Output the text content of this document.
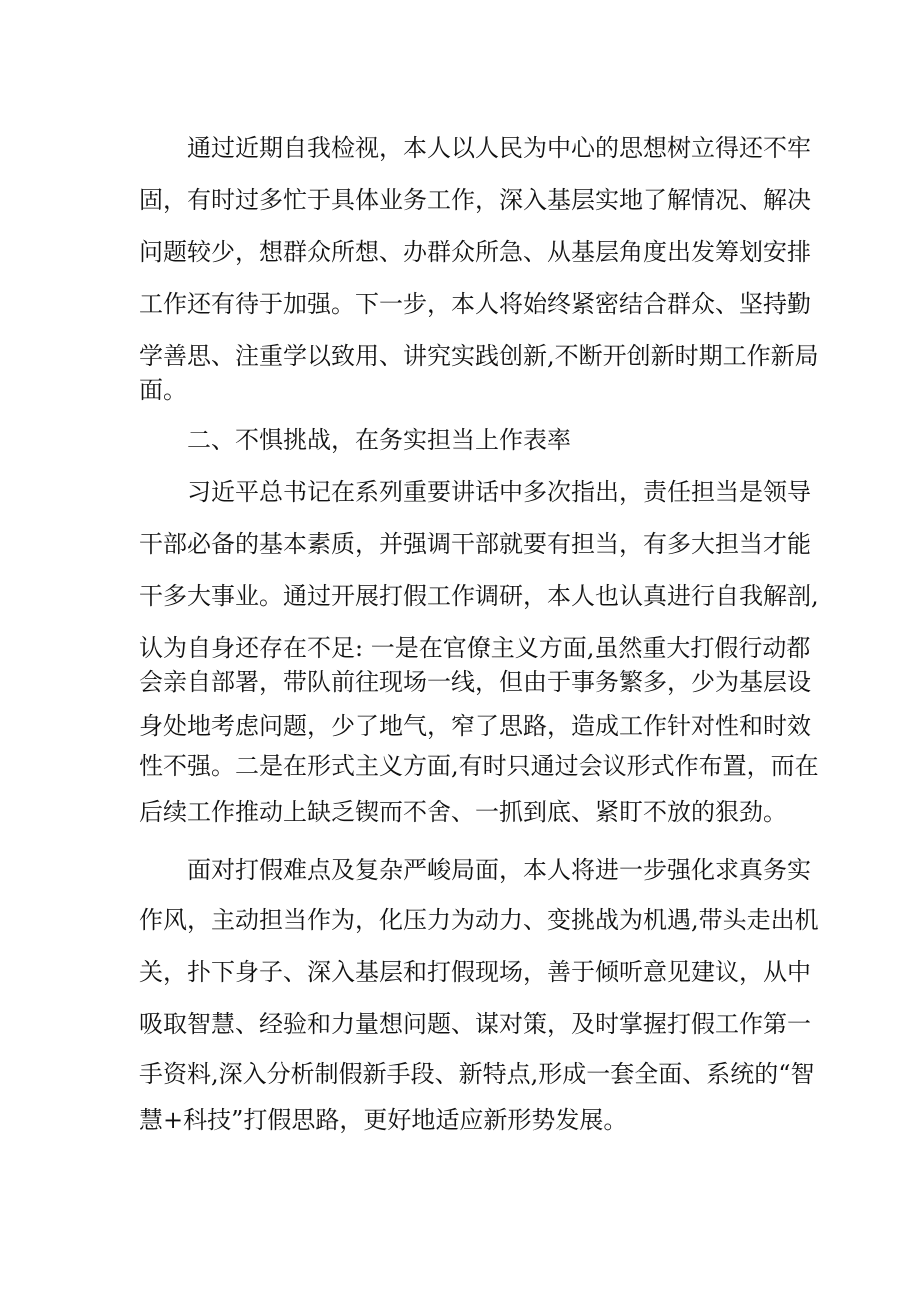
通过近期自我检视，本人以人民为中心的思想树立得还不牢
固，有时过多忙于具体业务工作，深入基层实地了解情况、解决
问题较少，想群众所想、办群众所急、从基层角度出发筹划安排
工作还有待于加强。下一步，本人将始终紧密结合群众、坚持勤
学善思、注重学以致用、讲究实践创新,不断开创新时期工作新局
面。
二、不惧挑战，在务实担当上作表率
习近平总书记在系列重要讲话中多次指出，责任担当是领导
干部必备的基本素质，并强调干部就要有担当，有多大担当才能
干多大事业。通过开展打假工作调研，本人也认真进行自我解剖,
认为自身还存在不足: 一是在官僚主义方面,虽然重大打假行动都
会亲自部署，带队前往现场一线，但由于事务繁多，少为基层设
身处地考虑问题，少了地气，窄了思路，造成工作针对性和时效
性不强。二是在形式主义方面,有时只通过会议形式作布置，而在
后续工作推动上缺乏锲而不舍、一抓到底、紧盯不放的狠劲。
面对打假难点及复杂严峻局面，本人将进一步强化求真务实
作风，主动担当作为，化压力为动力、变挑战为机遇,带头走出机
关，扑下身子、深入基层和打假现场，善于倾听意见建议，从中
吸取智慧、经验和力量想问题、谋对策，及时掌握打假工作第一
手资料,深入分析制假新手段、新特点,形成一套全面、系统的“智
慧+科技”打假思路，更好地适应新形势发展。
